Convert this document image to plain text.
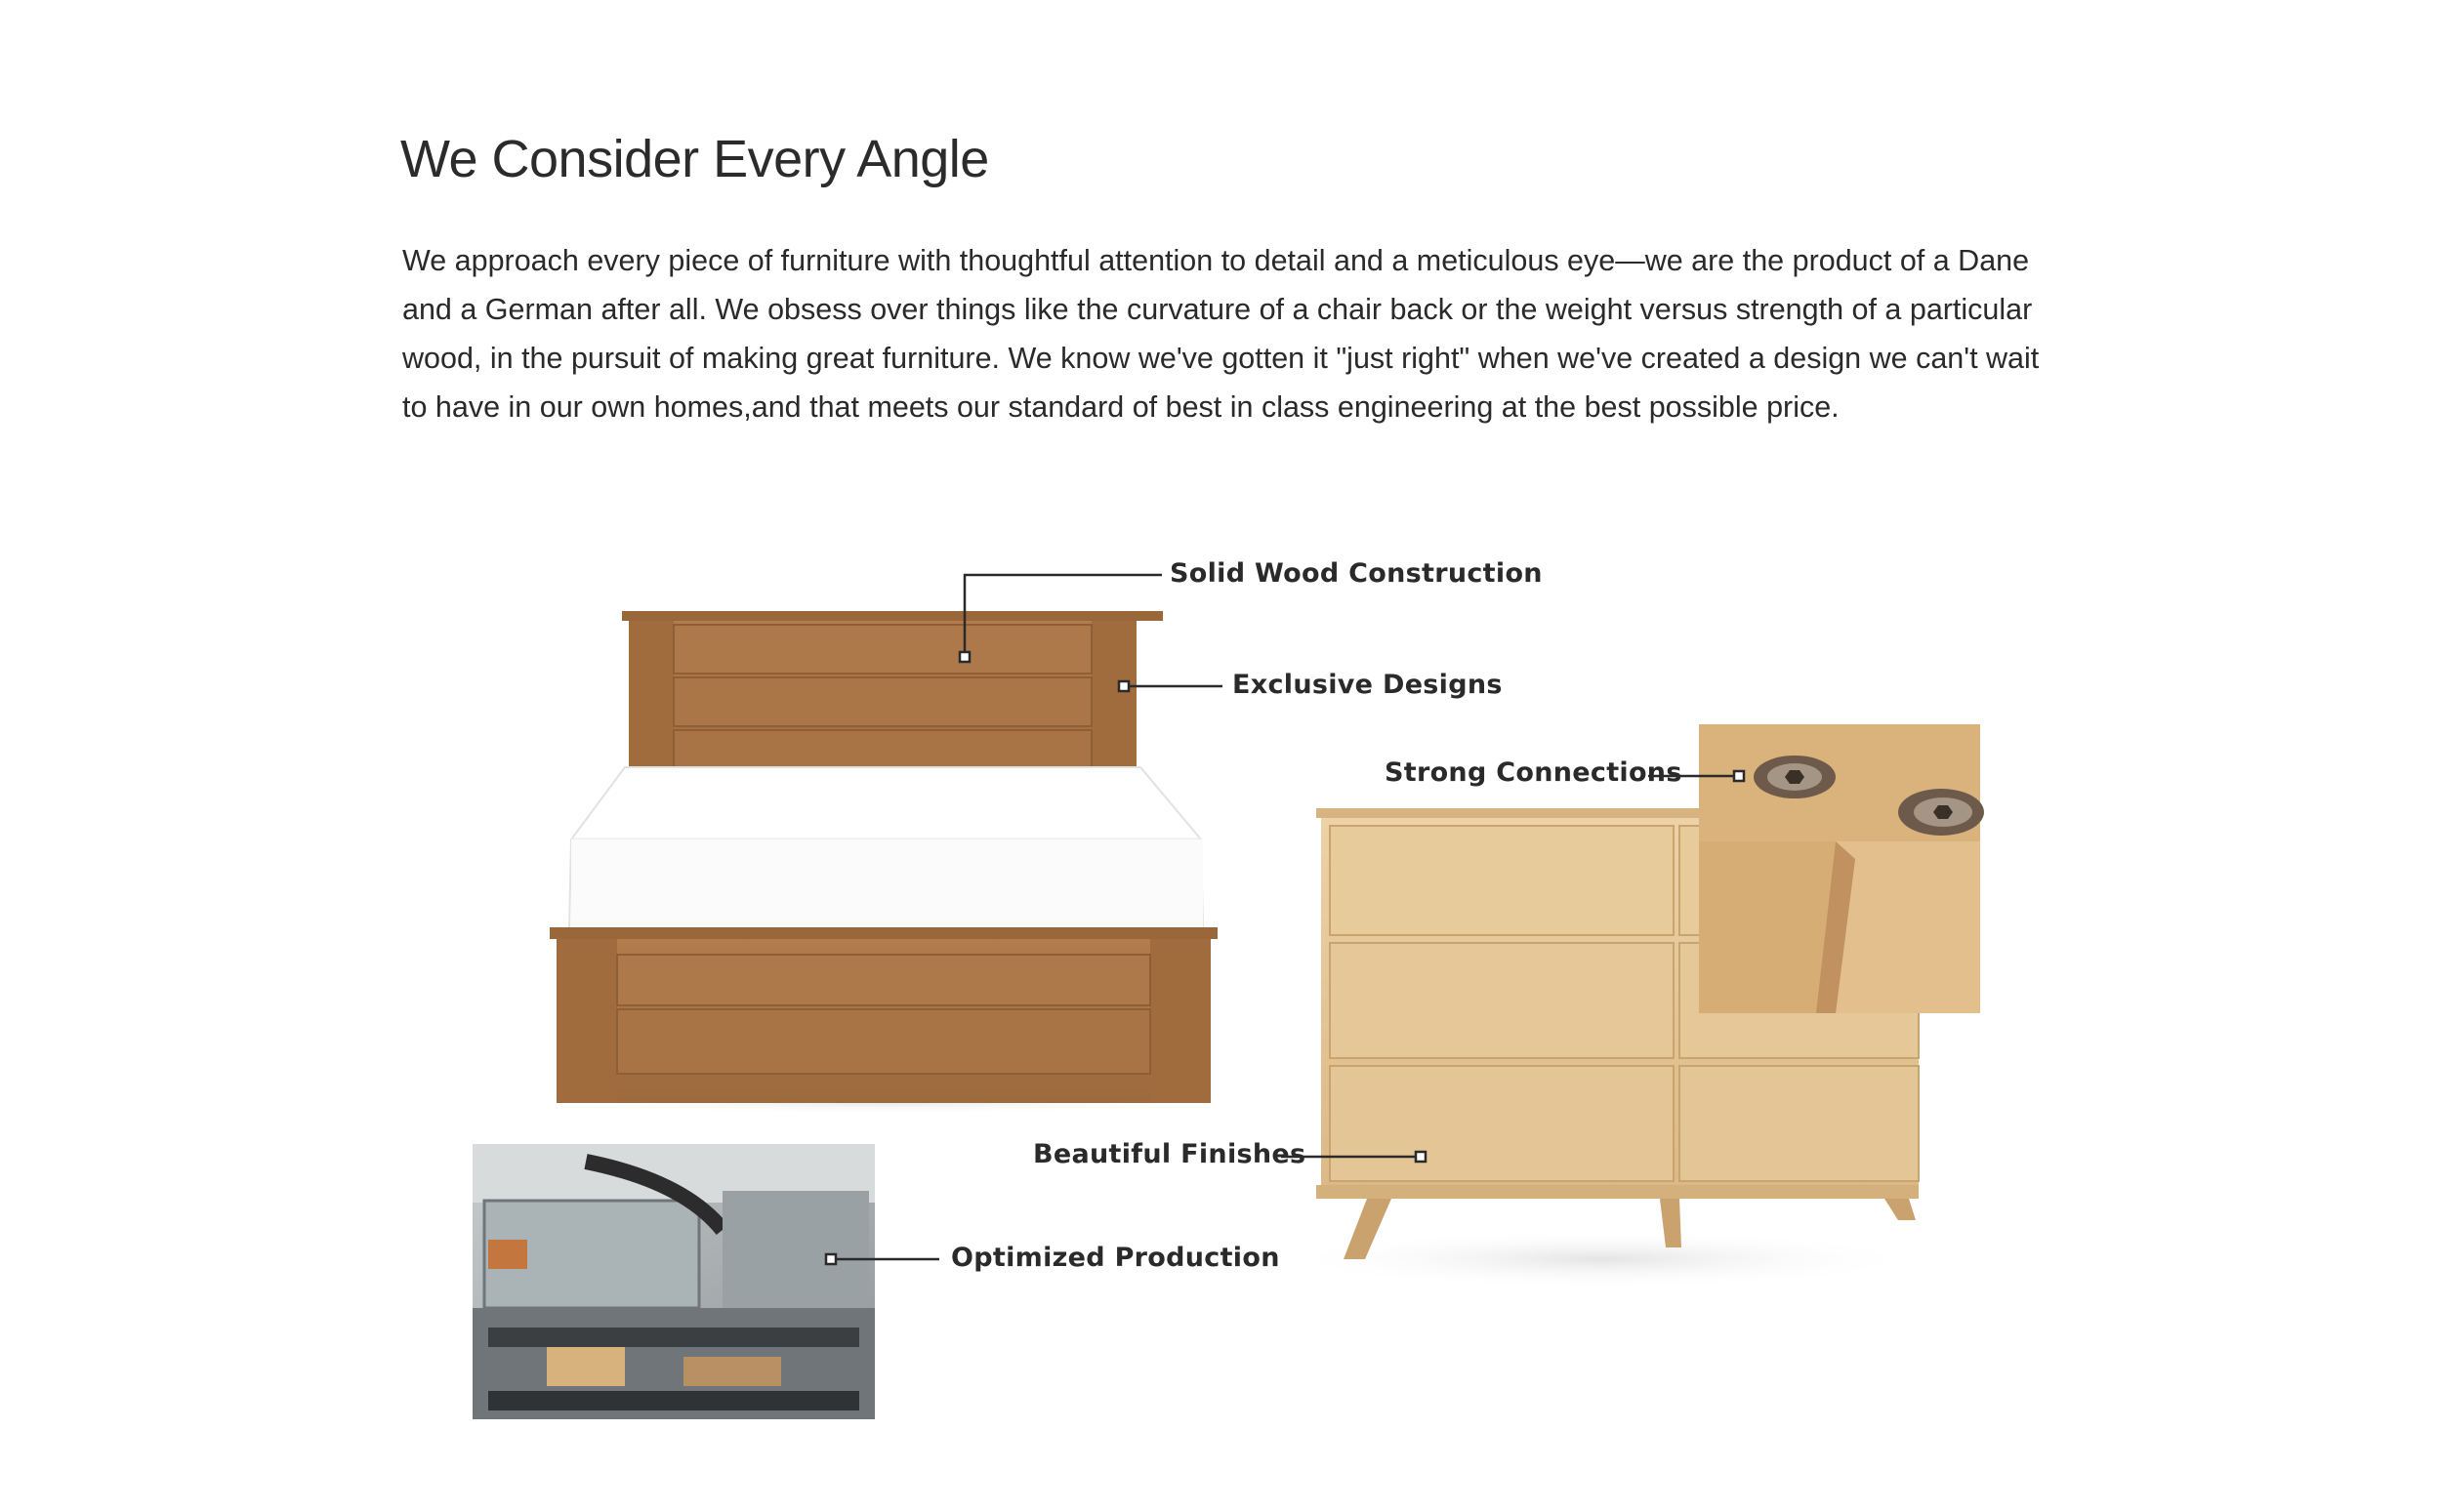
We Consider Every Angle

We approach every piece of furniture with thoughtful attention to detail and a meticulous eye—we are the product of a Dane and a German after all. We obsess over things like the curvature of a chair back or the weight versus strength of a particular wood, in the pursuit of making great furniture. We know we've gotten it "just right" when we've created a design we can't wait to have in our own homes,and that meets our standard of best in class engineering at the best possible price.

Solid Wood Construction
Exclusive Designs
Strong Connections
Beautiful Finishes
Optimized Production
